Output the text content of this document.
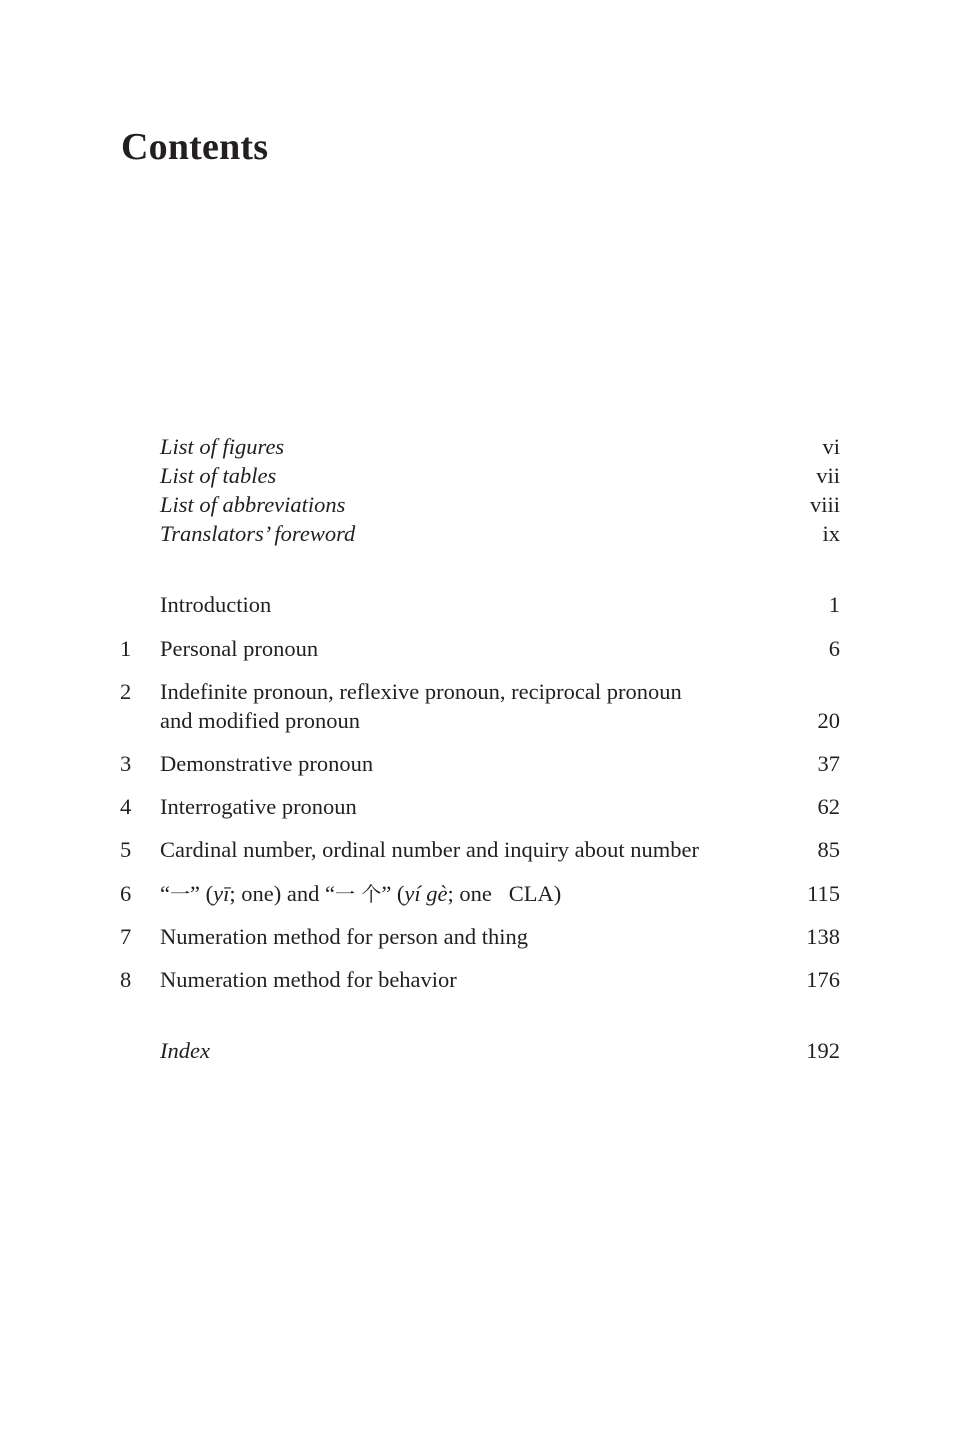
Contents
List of figures	vi
List of tables	vii
List of abbreviations	viii
Translators’ foreword	ix
Introduction	1
1 Personal pronoun	6
2 Indefinite pronoun, reflexive pronoun, reciprocal pronoun
and modified pronoun	20
3 Demonstrative pronoun	37
4 Interrogative pronoun	62
5 Cardinal number, ordinal number and inquiry about number	85
6 “一” (yī; one) and “一 个” (yí gè; one   CLA)	115
7 Numeration method for person and thing	138
8 Numeration method for behavior	176
Index	192
